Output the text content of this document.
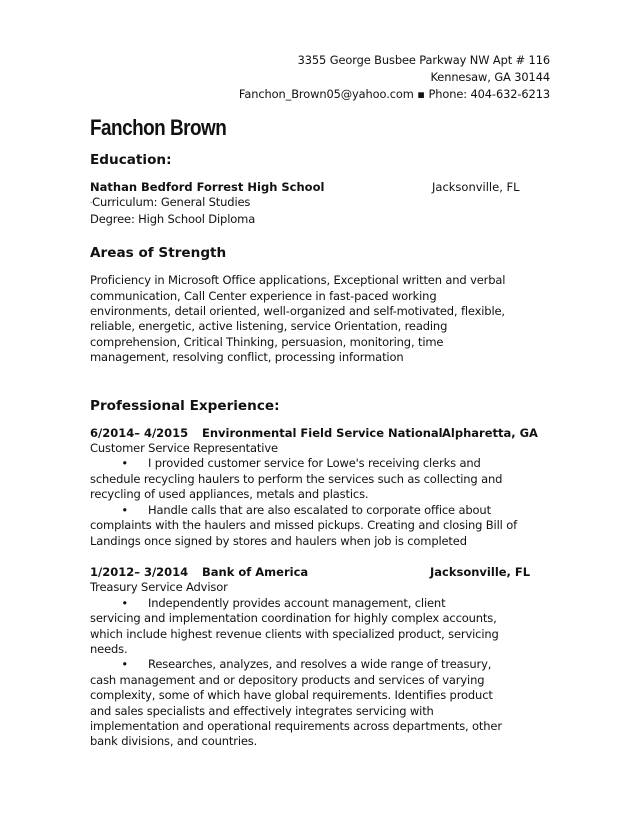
3355 George Busbee Parkway NW Apt # 116
Kennesaw, GA 30144
Fanchon_Brown05@yahoo.com ▪ Phone: 404-632-6213
Fanchon Brown
Education:
Nathan Bedford Forrest High School	Jacksonville, FL
·Curriculum: General Studies
Degree: High School Diploma
Areas of Strength
Proficiency in Microsoft Office applications, Exceptional written and verbal
communication, Call Center experience in fast-paced working
environments, detail oriented, well-organized and self-motivated, flexible,
reliable, energetic, active listening, service Orientation, reading
comprehension, Critical Thinking, persuasion, monitoring, time
management, resolving conflict, processing information
Professional Experience:
6/2014– 4/2015	Environmental Field Service National Alpharetta, GA
Customer Service Representative
• I provided customer service for Lowe's receiving clerks and
schedule recycling haulers to perform the services such as collecting and
recycling of used appliances, metals and plastics.
• Handle calls that are also escalated to corporate office about
complaints with the haulers and missed pickups. Creating and closing Bill of
Landings once signed by stores and haulers when job is completed
1/2012– 3/2014	Bank of America	Jacksonville, FL
Treasury Service Advisor
• Independently provides account management, client
servicing and implementation coordination for highly complex accounts,
which include highest revenue clients with specialized product, servicing
needs.
• Researches, analyzes, and resolves a wide range of treasury,
cash management and or depository products and services of varying
complexity, some of which have global requirements. Identifies product
and sales specialists and effectively integrates servicing with
implementation and operational requirements across departments, other
bank divisions, and countries.
